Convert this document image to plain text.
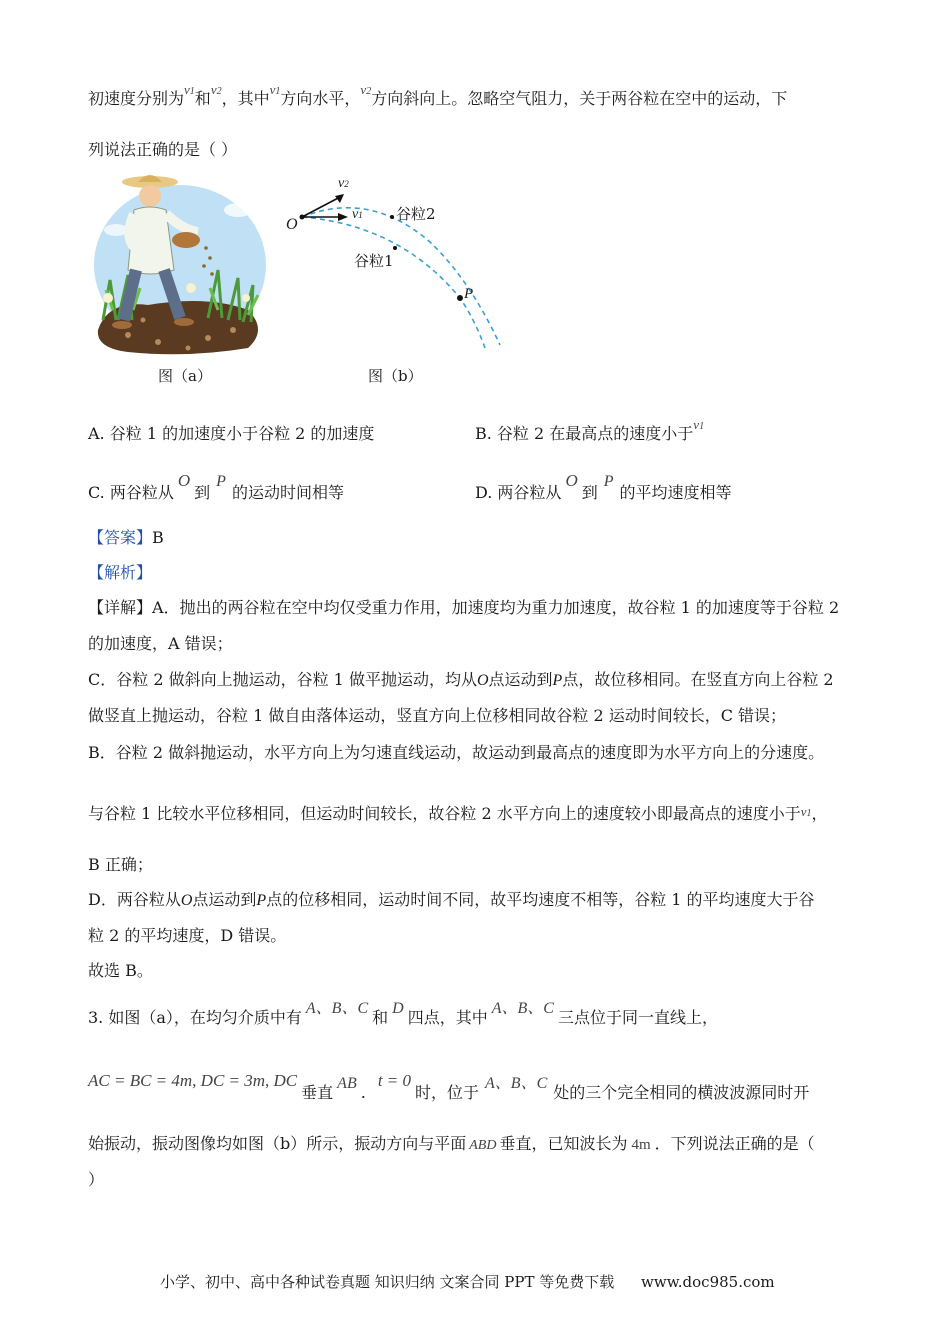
初速度分别为$^{v1}$和$^{v2}$，其中$^{v1}$方向水平，$^{v2}$方向斜向上。忽略空气阻力，关于两谷粒在空中的运动，下
列说法正确的是（ ）
图（a）
O
P
v2
v1 谷粒2
谷粒1
图（b）
A. 谷粒 1 的加速度小于谷粒 2 的加速度	B. 谷粒 2 在最高点的速度小于$^{v1}$
C. 两谷粒从O到P的运动时间相等	D. 两谷粒从O到P的平均速度相等
【答案】B
【解析】
【详解】A．抛出的两谷粒在空中均仅受重力作用，加速度均为重力加速度，故谷粒 1 的加速度等于谷粒 2
的加速度，A 错误；
C．谷粒 2 做斜向上抛运动，谷粒 1 做平抛运动，均从O点运动到P点，故位移相同。在竖直方向上谷粒 2
做竖直上抛运动，谷粒 1 做自由落体运动，竖直方向上位移相同故谷粒 2 运动时间较长，C 错误；
B．谷粒 2 做斜抛运动，水平方向上为匀速直线运动，故运动到最高点的速度即为水平方向上的分速度。
与谷粒 1 比较水平位移相同，但运动时间较长，故谷粒 2 水平方向上的速度较小即最高点的速度小于v1，
B 正确；
D．两谷粒从O点运动到P点的位移相同，运动时间不同，故平均速度不相等，谷粒 1 的平均速度大于谷
粒 2 的平均速度，D 错误。
故选 B。
3. 如图（a），在均匀介质中有 A、B、C 和 D 四点，其中 A、B、C 三点位于同一直线上，
AC = BC = 4m, DC = 3m, DC垂直 AB .t = 0时，位于 A、B、C 处的三个完全相同的横波波源同时开
始振动，振动图像均如图（b）所示，振动方向与平面 ABD 垂直，已知波长为 4m ．下列说法正确的是（
）
小学、初中、高中各种试卷真题 知识归纳 文案合同 PPT 等免费下载 www.doc985.com
